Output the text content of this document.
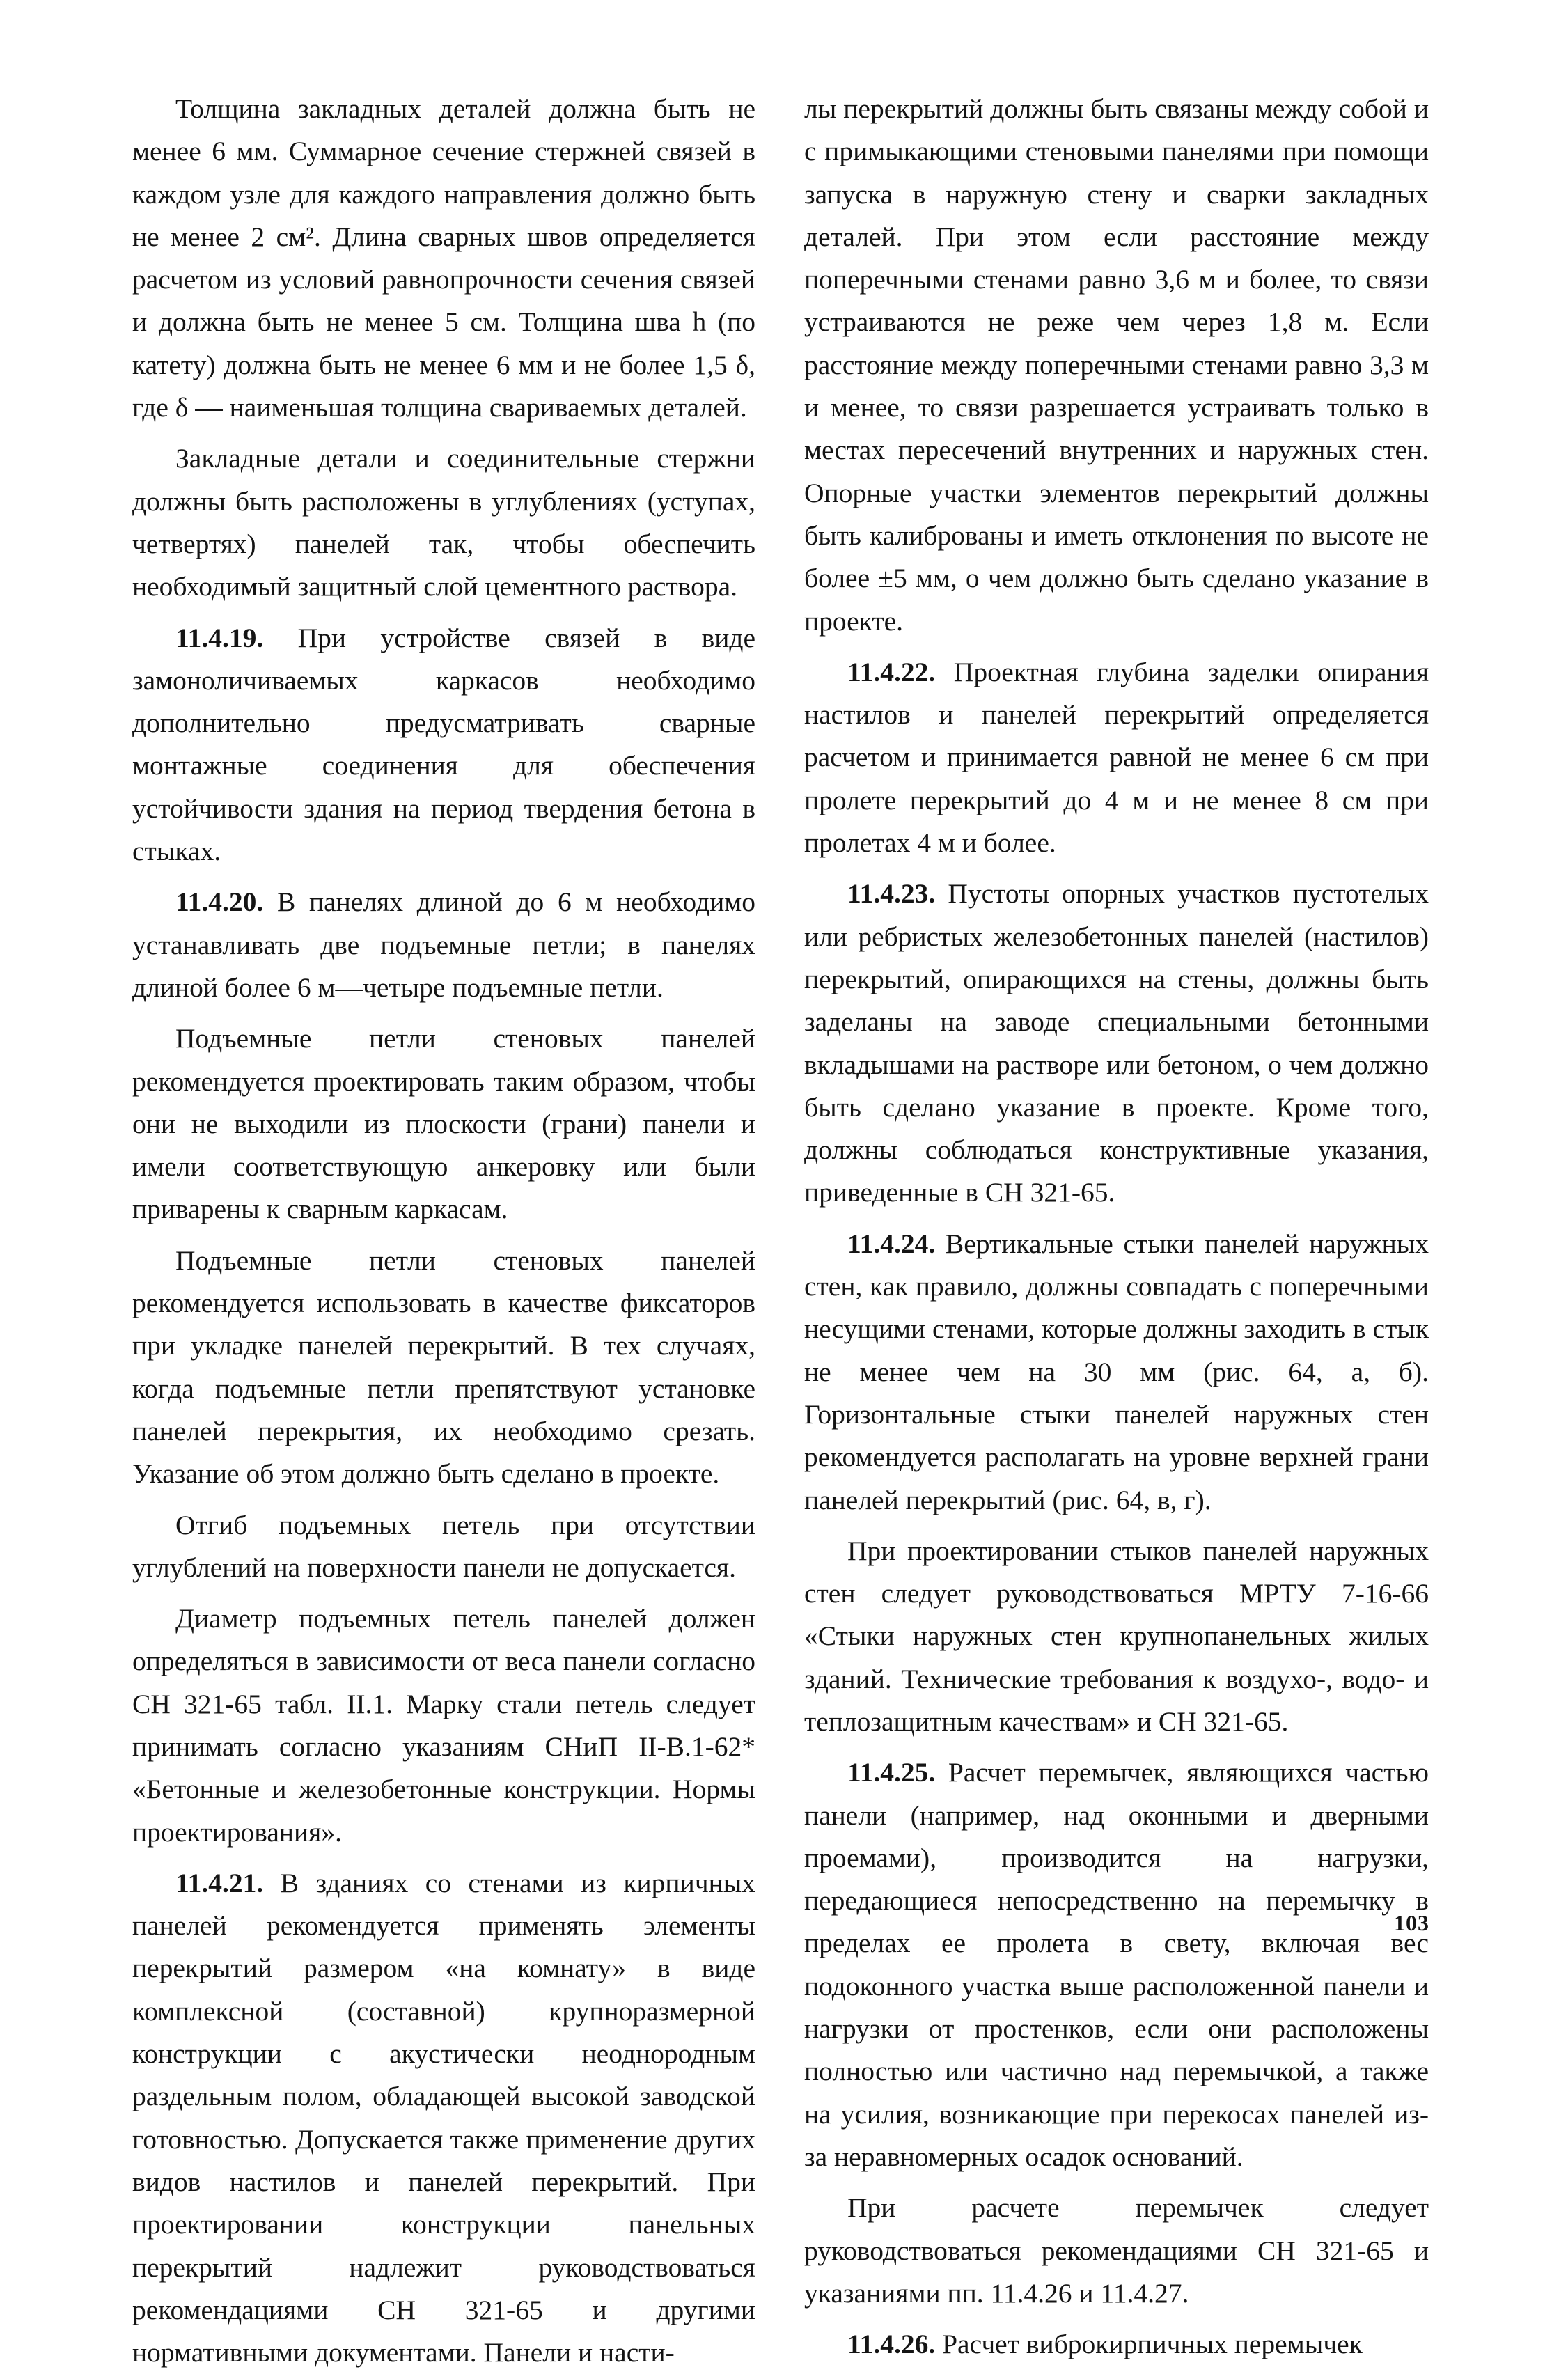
Толщина закладных деталей должна быть не менее 6 мм. Суммарное сечение стержней связей в каждом узле для каждого направления должно быть не менее 2 см². Длина сварных швов определяется расчетом из условий равнопрочности сечения связей и должна быть не менее 5 см. Толщина шва h (по катету) должна быть не менее 6 мм и не более 1,5 δ, где δ — наименьшая толщина свариваемых деталей.

Закладные детали и соединительные стержни должны быть расположены в углублениях (уступах, четвертях) панелей так, чтобы обеспечить необходимый защитный слой цементного раствора.

11.4.19. При устройстве связей в виде замоноличиваемых каркасов необходимо дополнительно предусматривать сварные монтажные соединения для обеспечения устойчивости здания на период твердения бетона в стыках.

11.4.20. В панелях длиной до 6 м необходимо устанавливать две подъемные петли; в панелях длиной более 6 м—четыре подъемные петли.

Подъемные петли стеновых панелей рекомендуется проектировать таким образом, чтобы они не выходили из плоскости (грани) панели и имели соответствующую анкеровку или были приварены к сварным каркасам.

Подъемные петли стеновых панелей рекомендуется использовать в качестве фиксаторов при укладке панелей перекрытий. В тех случаях, когда подъемные петли препятствуют установке панелей перекрытия, их необходимо срезать. Указание об этом должно быть сделано в проекте.

Отгиб подъемных петель при отсутствии углублений на поверхности панели не допускается.

Диаметр подъемных петель панелей должен определяться в зависимости от веса панели согласно СН 321-65 табл. II.1. Марку стали петель следует принимать согласно указаниям СНиП II-В.1-62* «Бетонные и железобетонные конструкции. Нормы проектирования».

11.4.21. В зданиях со стенами из кирпичных панелей рекомендуется применять элементы перекрытий размером «на комнату» в виде комплексной (составной) крупноразмерной конструкции с акустически неоднородным раздельным полом, обладающей высокой заводской готовностью. Допускается также применение других видов настилов и панелей перекрытий. При проектировании конструкции панельных перекрытий надлежит руководствоваться рекомендациями СН 321-65 и другими нормативными документами. Панели и насти-

лы перекрытий должны быть связаны между собой и с примыкающими стеновыми панелями при помощи запуска в наружную стену и сварки закладных деталей. При этом если расстояние между поперечными стенами равно 3,6 м и более, то связи устраиваются не реже чем через 1,8 м. Если расстояние между поперечными стенами равно 3,3 м и менее, то связи разрешается устраивать только в местах пересечений внутренних и наружных стен. Опорные участки элементов перекрытий должны быть калиброваны и иметь отклонения по высоте не более ±5 мм, о чем должно быть сделано указание в проекте.

11.4.22. Проектная глубина заделки опирания настилов и панелей перекрытий определяется расчетом и принимается равной не менее 6 см при пролете перекрытий до 4 м и не менее 8 см при пролетах 4 м и более.

11.4.23. Пустоты опорных участков пустотелых или ребристых железобетонных панелей (настилов) перекрытий, опирающихся на стены, должны быть заделаны на заводе специальными бетонными вкладышами на растворе или бетоном, о чем должно быть сделано указание в проекте. Кроме того, должны соблюдаться конструктивные указания, приведенные в СН 321-65.

11.4.24. Вертикальные стыки панелей наружных стен, как правило, должны совпадать с поперечными несущими стенами, которые должны заходить в стык не менее чем на 30 мм (рис. 64, а, б). Горизонтальные стыки панелей наружных стен рекомендуется располагать на уровне верхней грани панелей перекрытий (рис. 64, в, г).

При проектировании стыков панелей наружных стен следует руководствоваться МРТУ 7-16-66 «Стыки наружных стен крупнопанельных жилых зданий. Технические требования к воздухо-, водо- и теплозащитным качествам» и СН 321-65.

11.4.25. Расчет перемычек, являющихся частью панели (например, над оконными и дверными проемами), производится на нагрузки, передающиеся непосредственно на перемычку в пределах ее пролета в свету, включая вес подоконного участка выше расположенной панели и нагрузки от простенков, если они расположены полностью или частично над перемычкой, а также на усилия, возникающие при перекосах панелей из-за неравномерных осадок оснований.

При расчете перемычек следует руководствоваться рекомендациями СН 321-65 и указаниями пп. 11.4.26 и 11.4.27.

11.4.26. Расчет виброкирпичных перемычек

103
